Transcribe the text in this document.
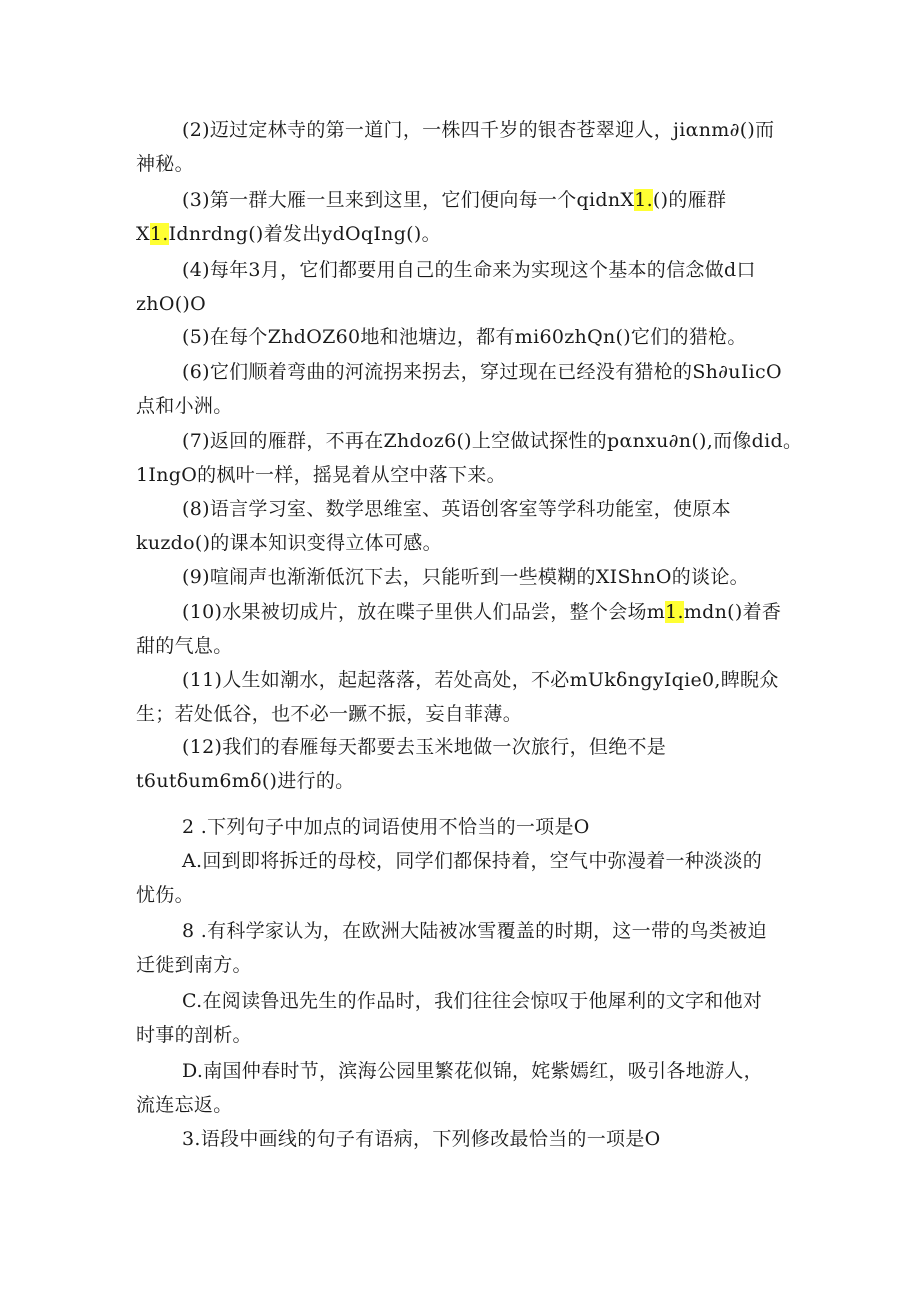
(2)迈过定林寺的第一道门，一株四千岁的银杏苍翠迎人，jiαnm∂()而
神秘。

(3)第一群大雁一旦来到这里，它们便向每一个qidnX1.()的雁群
X1.Idnrdng()着发出ydOqIng()。

(4)每年3月，它们都要用自己的生命来为实现这个基本的信念做d口
zhO()O

(5)在每个ZhdOZ60地和池塘边，都有mi60zhQn()它们的猎枪。

(6)它们顺着弯曲的河流拐来拐去，穿过现在已经没有猎枪的Sh∂uIicO
点和小洲。

(7)返回的雁群，不再在Zhdoz6()上空做试探性的pαnxu∂n(),而像did。
1IngO的枫叶一样，摇晃着从空中落下来。

(8)语言学习室、数学思维室、英语创客室等学科功能室，使原本
kuzdo()的课本知识变得立体可感。

(9)喧闹声也渐渐低沉下去，只能听到一些模糊的XIShnO的谈论。

(10)水果被切成片，放在喋子里供人们品尝，整个会场m1.mdn()着香
甜的气息。

(11)人生如潮水，起起落落，若处高处，不必mUkδngyIqie0,睥睨众
生；若处低谷，也不必一蹶不振，妄自菲薄。

(12)我们的春雁每天都要去玉米地做一次旅行，但绝不是
t6utδum6mδ()进行的。

2 .下列句子中加点的词语使用不恰当的一项是O

A.回到即将拆迁的母校，同学们都保持着，空气中弥漫着一种淡淡的
忧伤。

8 .有科学家认为，在欧洲大陆被冰雪覆盖的时期，这一带的鸟类被迫
迁徙到南方。

C.在阅读鲁迅先生的作品时，我们往往会惊叹于他犀利的文字和他对
时事的剖析。

D.南国仲春时节，滨海公园里繁花似锦，姹紫嫣红，吸引各地游人，
流连忘返。

3.语段中画线的句子有语病，下列修改最恰当的一项是O
